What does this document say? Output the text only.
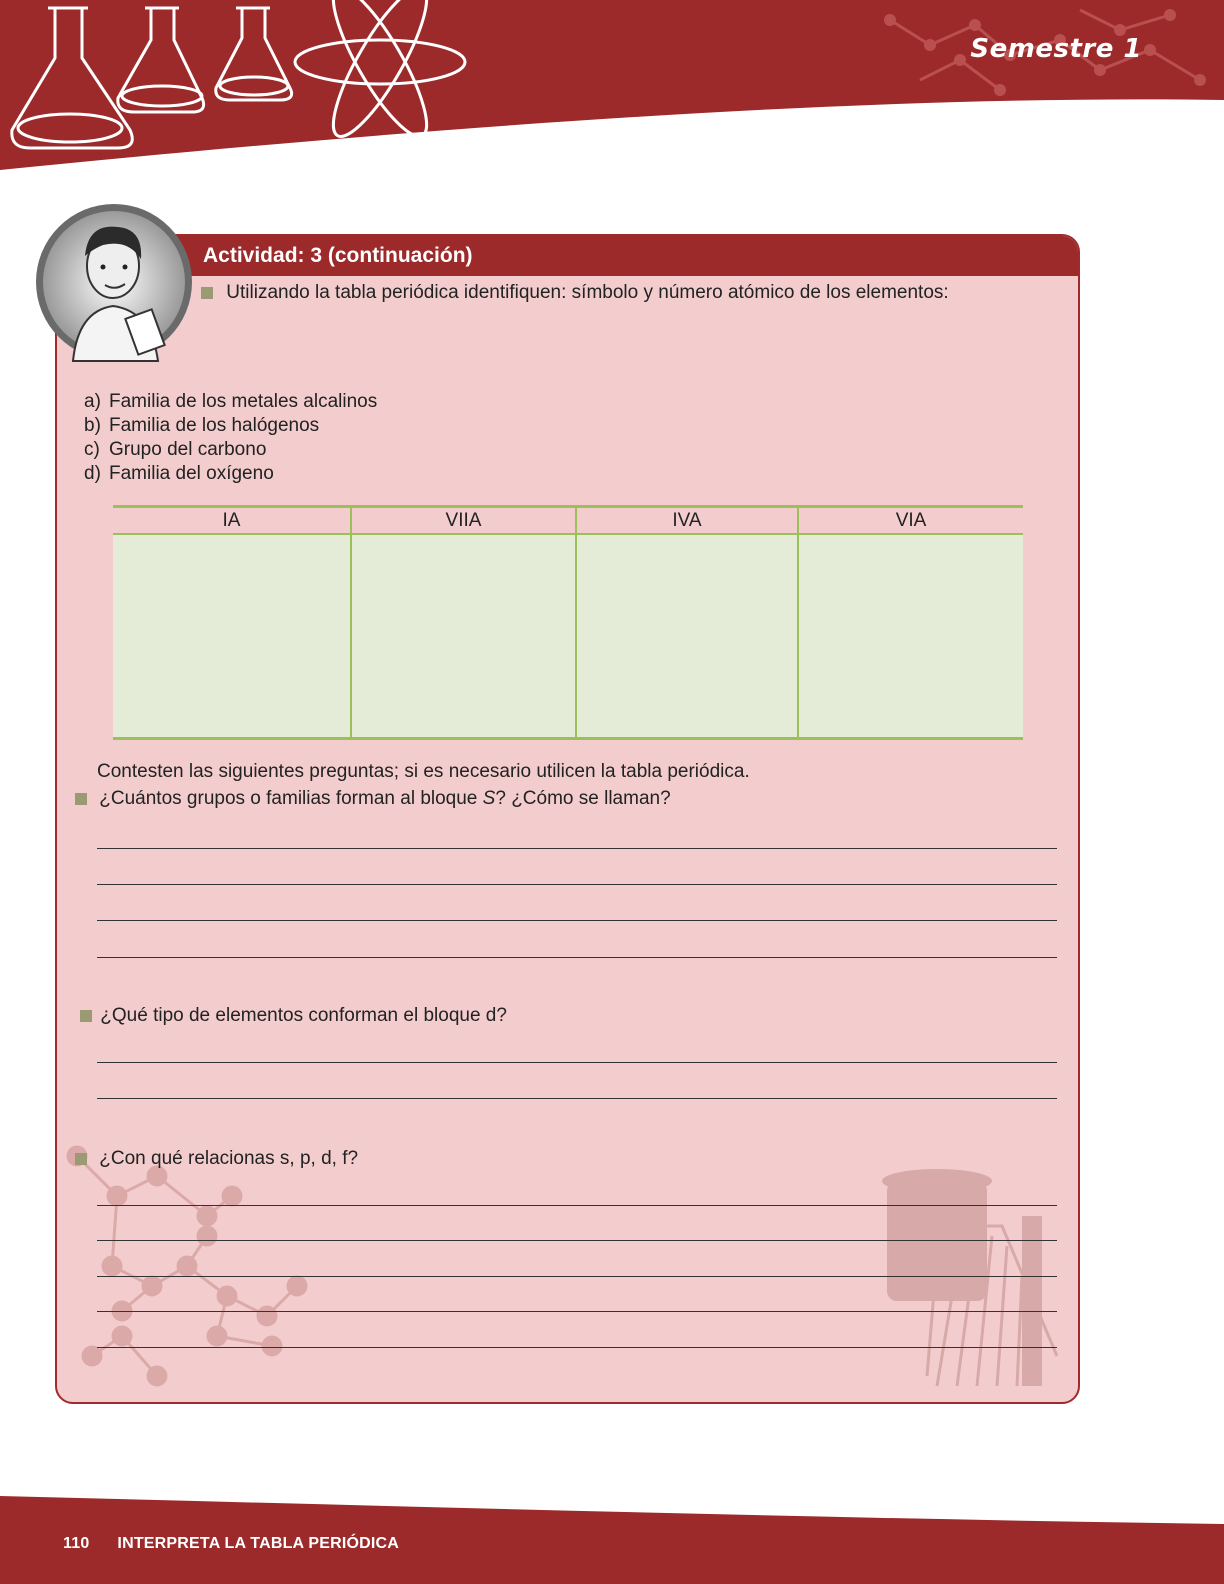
Semestre 1
Actividad: 3 (continuación)
Utilizando la tabla periódica identifiquen: símbolo y número atómico de los elementos:
a) Familia de los metales alcalinos
b) Familia de los halógenos
c) Grupo del carbono
d) Familia del oxígeno
IA	VIIA	IVA	VIA

Contesten las siguientes preguntas; si es necesario utilicen la tabla periódica.
¿Cuántos grupos o familias forman al bloque S? ¿Cómo se llaman?
¿Qué tipo de elementos conforman el bloque d?
¿Con qué relacionas s, p, d, f?
110 INTERPRETA LA TABLA PERIÓDICA
